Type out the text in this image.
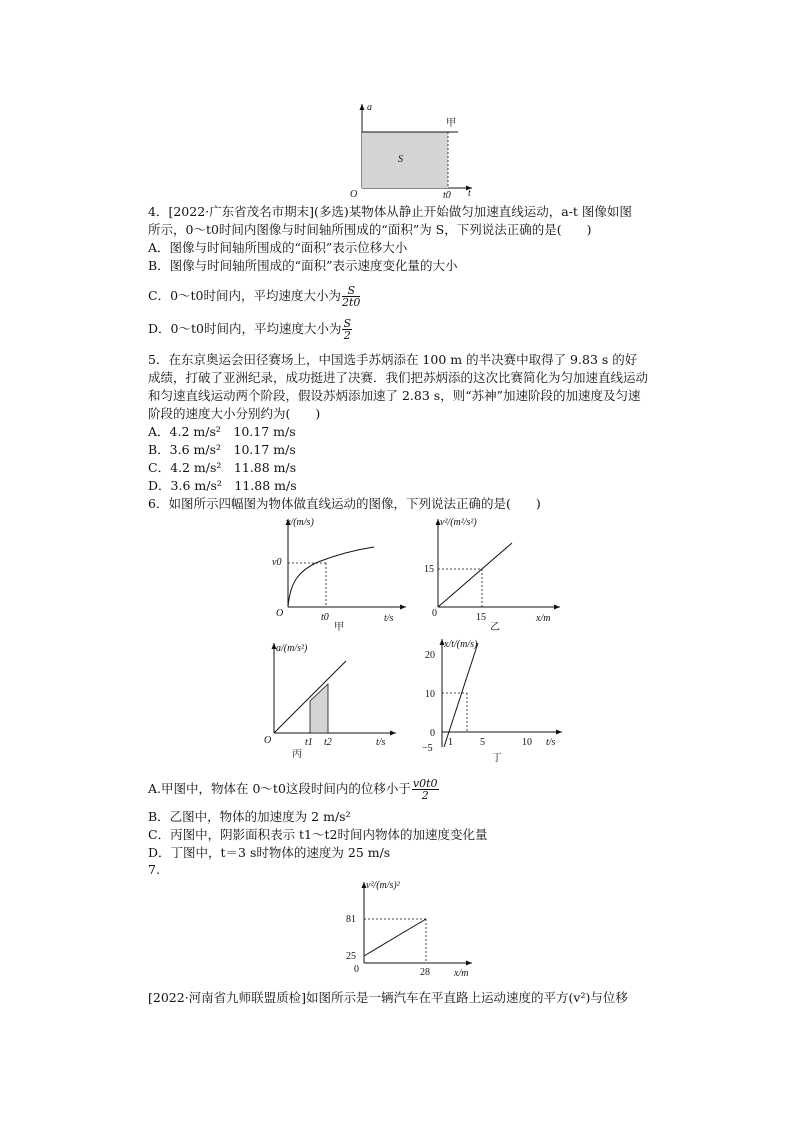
a
t
O
S
甲
t0
4．[2022·广东省茂名市期末](多选)某物体从静止开始做匀加速直线运动，a-t 图像如图
所示，0～t0时间内图像与时间轴所围成的“面积”为 S，下列说法正确的是(　　)
A．图像与时间轴所围成的“面积”表示位移大小
B．图像与时间轴所围成的“面积”表示速度变化量的大小
C．0～t0时间内，平均速度大小为 $\frac{S}{2t0}$
D．0～t0时间内，平均速度大小为 $\frac{S}{2}$
5．在东京奥运会田径赛场上，中国选手苏炳添在 100 m 的半决赛中取得了 9.83 s 的好
成绩，打破了亚洲纪录，成功挺进了决赛．我们把苏炳添的这次比赛简化为匀加速直线运动
和匀速直线运动两个阶段，假设苏炳添加速了 2.83 s，则“苏神”加速阶段的加速度及匀速
阶段的速度大小分别约为(　　)
A．4.2 m/s²　10.17 m/s
B．3.6 m/s²　10.17 m/s
C．4.2 m/s²　11.88 m/s
D．3.6 m/s²　11.88 m/s
6．如图所示四幅图为物体做直线运动的图像，下列说法正确的是(　　)
v/(m/s)
t/s
O
v0
t0
甲
v²/(m²/s²)
x/m
0
15
15
乙
a/(m/s²)
t/s
O	t1 t2
丙
x/t/(m/s)
t/s
20
10
0
−5
1	5	10
丁
A.甲图中，物体在 0～t0这段时间内的位移小于 $\frac{v0t0}{2}$
B．乙图中，物体的加速度为 2 m/s²
C．丙图中，阴影面积表示 t1～t2时间内物体的加速度变化量
D．丁图中，t＝3 s时物体的速度为 25 m/s
7.
v²/(m/s)²
x/m
81
25
0	28
[2022·河南省九师联盟质检]如图所示是一辆汽车在平直路上运动速度的平方(v²)与位移
